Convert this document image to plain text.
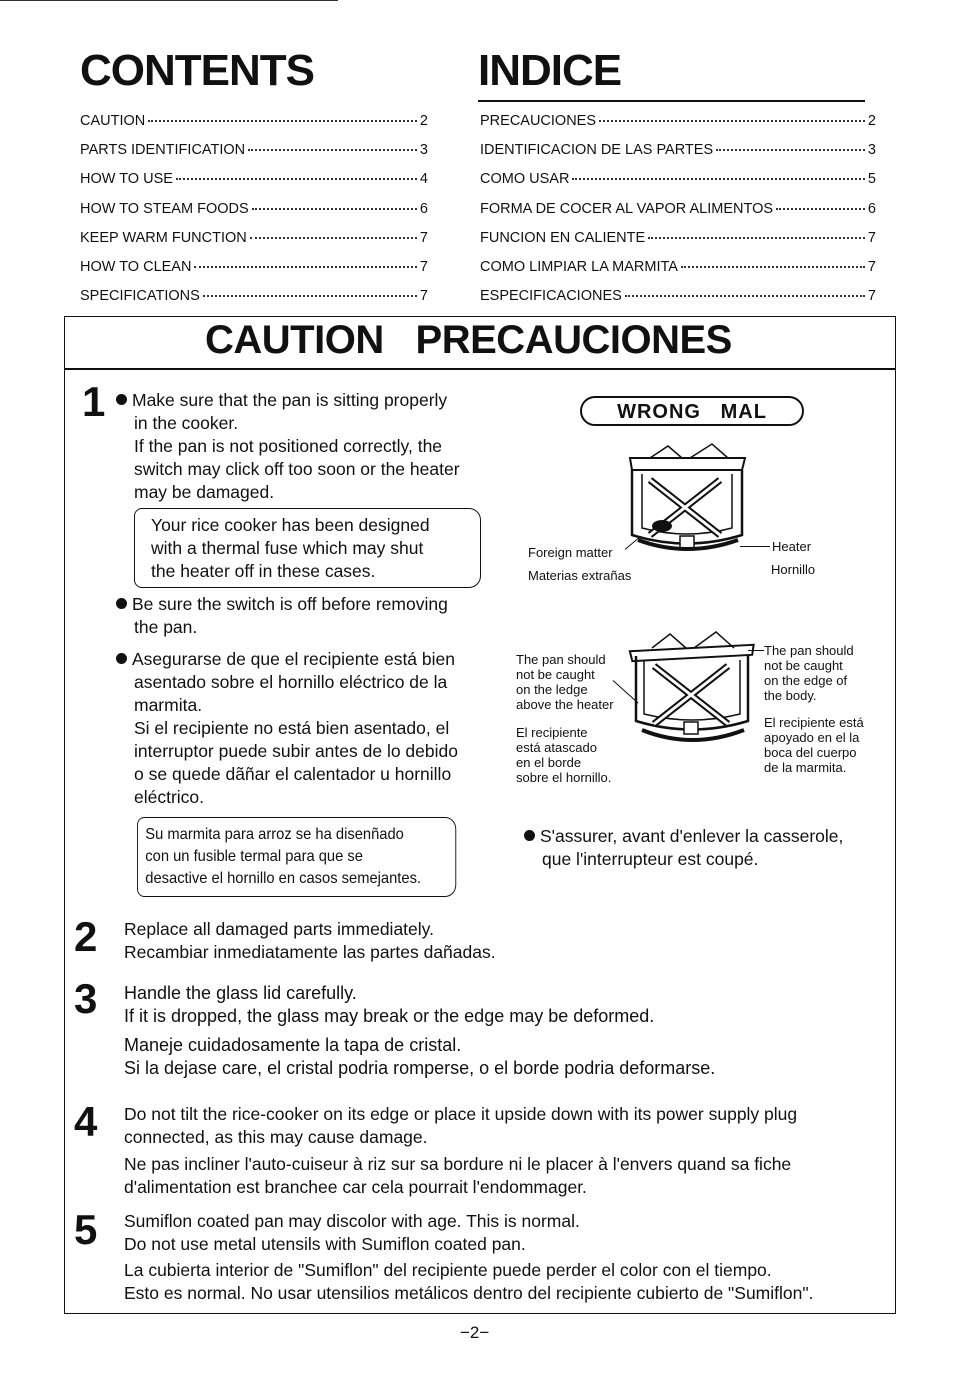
CONTENTS	INDICE
CAUTION	2
PARTS IDENTIFICATION	3
HOW TO USE	4
HOW TO STEAM FOODS	6
KEEP WARM FUNCTION	7
HOW TO CLEAN	7
SPECIFICATIONS	7
PRECAUCIONES	2
IDENTIFICACION DE LAS PARTES	3
COMO USAR	5
FORMA DE COCER AL VAPOR ALIMENTOS	6
FUNCION EN CALIENTE	7
COMO LIMPIAR LA MARMITA	7
ESPECIFICACIONES	7
CAUTION   PRECAUCIONES
1	Make sure that the pan is sitting properly
in the cooker.
If the pan is not positioned correctly, the
switch may click off too soon or the heater
may be damaged.
Your rice cooker has been designed
with a thermal fuse which may shut
the heater off in these cases.
Be sure the switch is off before removing
the pan.
Asegurarse de que el recipiente está bien
asentado sobre el hornillo eléctrico de la
marmita.
Si el recipiente no está bien asentado, el
interruptor puede subir antes de lo debido
o se quede dãñar el calentador u hornillo
eléctrico.
Su marmita para arroz se ha disenñado
con un fusible termal para que se
desactive el hornillo en casos semejantes.
S'assurer, avant d'enlever la casserole,
que l'interrupteur est coupé.
WRONG   MAL
Foreign matter
Materias extrañas
Heater
Hornillo
The pan should
not be caught
on the ledge
above the heater
El recipiente
está atascado
en el borde
sobre el hornillo.
The pan should
not be caught
on the edge of
the body.
El recipiente está
apoyado en el la
boca del cuerpo
de la marmita.
2 Replace all damaged parts immediately.
Recambiar inmediatamente las partes dañadas.
3 Handle the glass lid carefully.
If it is dropped, the glass may break or the edge may be deformed.
Maneje cuidadosamente la tapa de cristal.
Si la dejase care, el cristal podria romperse, o el borde podria deformarse.
4 Do not tilt the rice-cooker on its edge or place it upside down with its power supply plug
connected, as this may cause damage.
Ne pas incliner l'auto-cuiseur à riz sur sa bordure ni le placer à l'envers quand sa fiche
d'alimentation est branchee car cela pourrait l'endommager.
5 Sumiflon coated pan may discolor with age. This is normal.
Do not use metal utensils with Sumiflon coated pan.
La cubierta interior de "Sumiflon" del recipiente puede perder el color con el tiempo.
Esto es normal. No usar utensilios metálicos dentro del recipiente cubierto de "Sumiflon".
−2−
